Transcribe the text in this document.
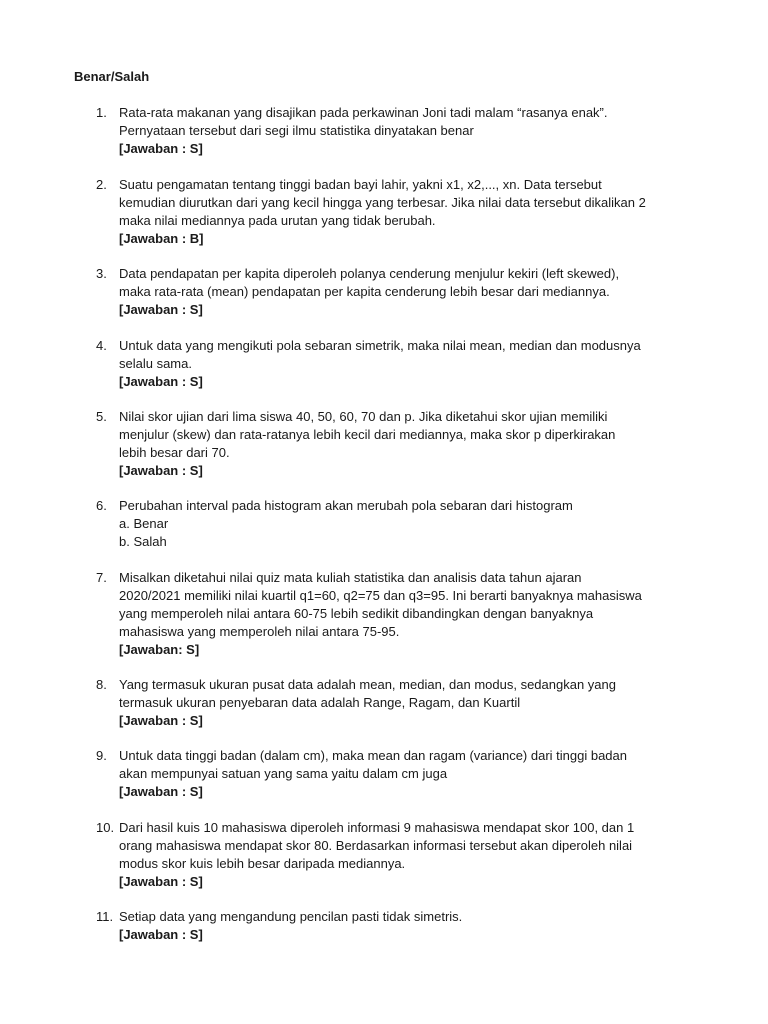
Benar/Salah
1. Rata-rata makanan yang disajikan pada perkawinan Joni tadi malam “rasanya enak”.
Pernyataan tersebut dari segi ilmu statistika dinyatakan benar
[Jawaban : S]
2. Suatu pengamatan tentang tinggi badan bayi lahir, yakni x1, x2,..., xn. Data tersebut
kemudian diurutkan dari yang kecil hingga yang terbesar. Jika nilai data tersebut dikalikan 2
maka nilai mediannya pada urutan yang tidak berubah.
[Jawaban : B]
3. Data pendapatan per kapita diperoleh polanya cenderung menjulur kekiri (left skewed),
maka rata-rata (mean) pendapatan per kapita cenderung lebih besar dari mediannya.
[Jawaban : S]
4. Untuk data yang mengikuti pola sebaran simetrik, maka nilai mean, median dan modusnya
selalu sama.
[Jawaban : S]
5. Nilai skor ujian dari lima siswa 40, 50, 60, 70 dan p. Jika diketahui skor ujian memiliki
menjulur (skew) dan rata-ratanya lebih kecil dari mediannya, maka skor p diperkirakan
lebih besar dari 70.
[Jawaban : S]
6. Perubahan interval pada histogram akan merubah pola sebaran dari histogram
a. Benar
b. Salah
7. Misalkan diketahui nilai quiz mata kuliah statistika dan analisis data tahun ajaran
2020/2021 memiliki nilai kuartil q1=60, q2=75 dan q3=95. Ini berarti banyaknya mahasiswa
yang memperoleh nilai antara 60-75 lebih sedikit dibandingkan dengan banyaknya
mahasiswa yang memperoleh nilai antara 75-95.
[Jawaban: S]
8. Yang termasuk ukuran pusat data adalah mean, median, dan modus, sedangkan yang
termasuk ukuran penyebaran data adalah Range, Ragam, dan Kuartil
[Jawaban : S]
9. Untuk data tinggi badan (dalam cm), maka mean dan ragam (variance) dari tinggi badan
akan mempunyai satuan yang sama yaitu dalam cm juga
[Jawaban : S]
10. Dari hasil kuis 10 mahasiswa diperoleh informasi 9 mahasiswa mendapat skor 100, dan 1
orang mahasiswa mendapat skor 80. Berdasarkan informasi tersebut akan diperoleh nilai
modus skor kuis lebih besar daripada mediannya.
[Jawaban : S]
11. Setiap data yang mengandung pencilan pasti tidak simetris.
[Jawaban : S]
